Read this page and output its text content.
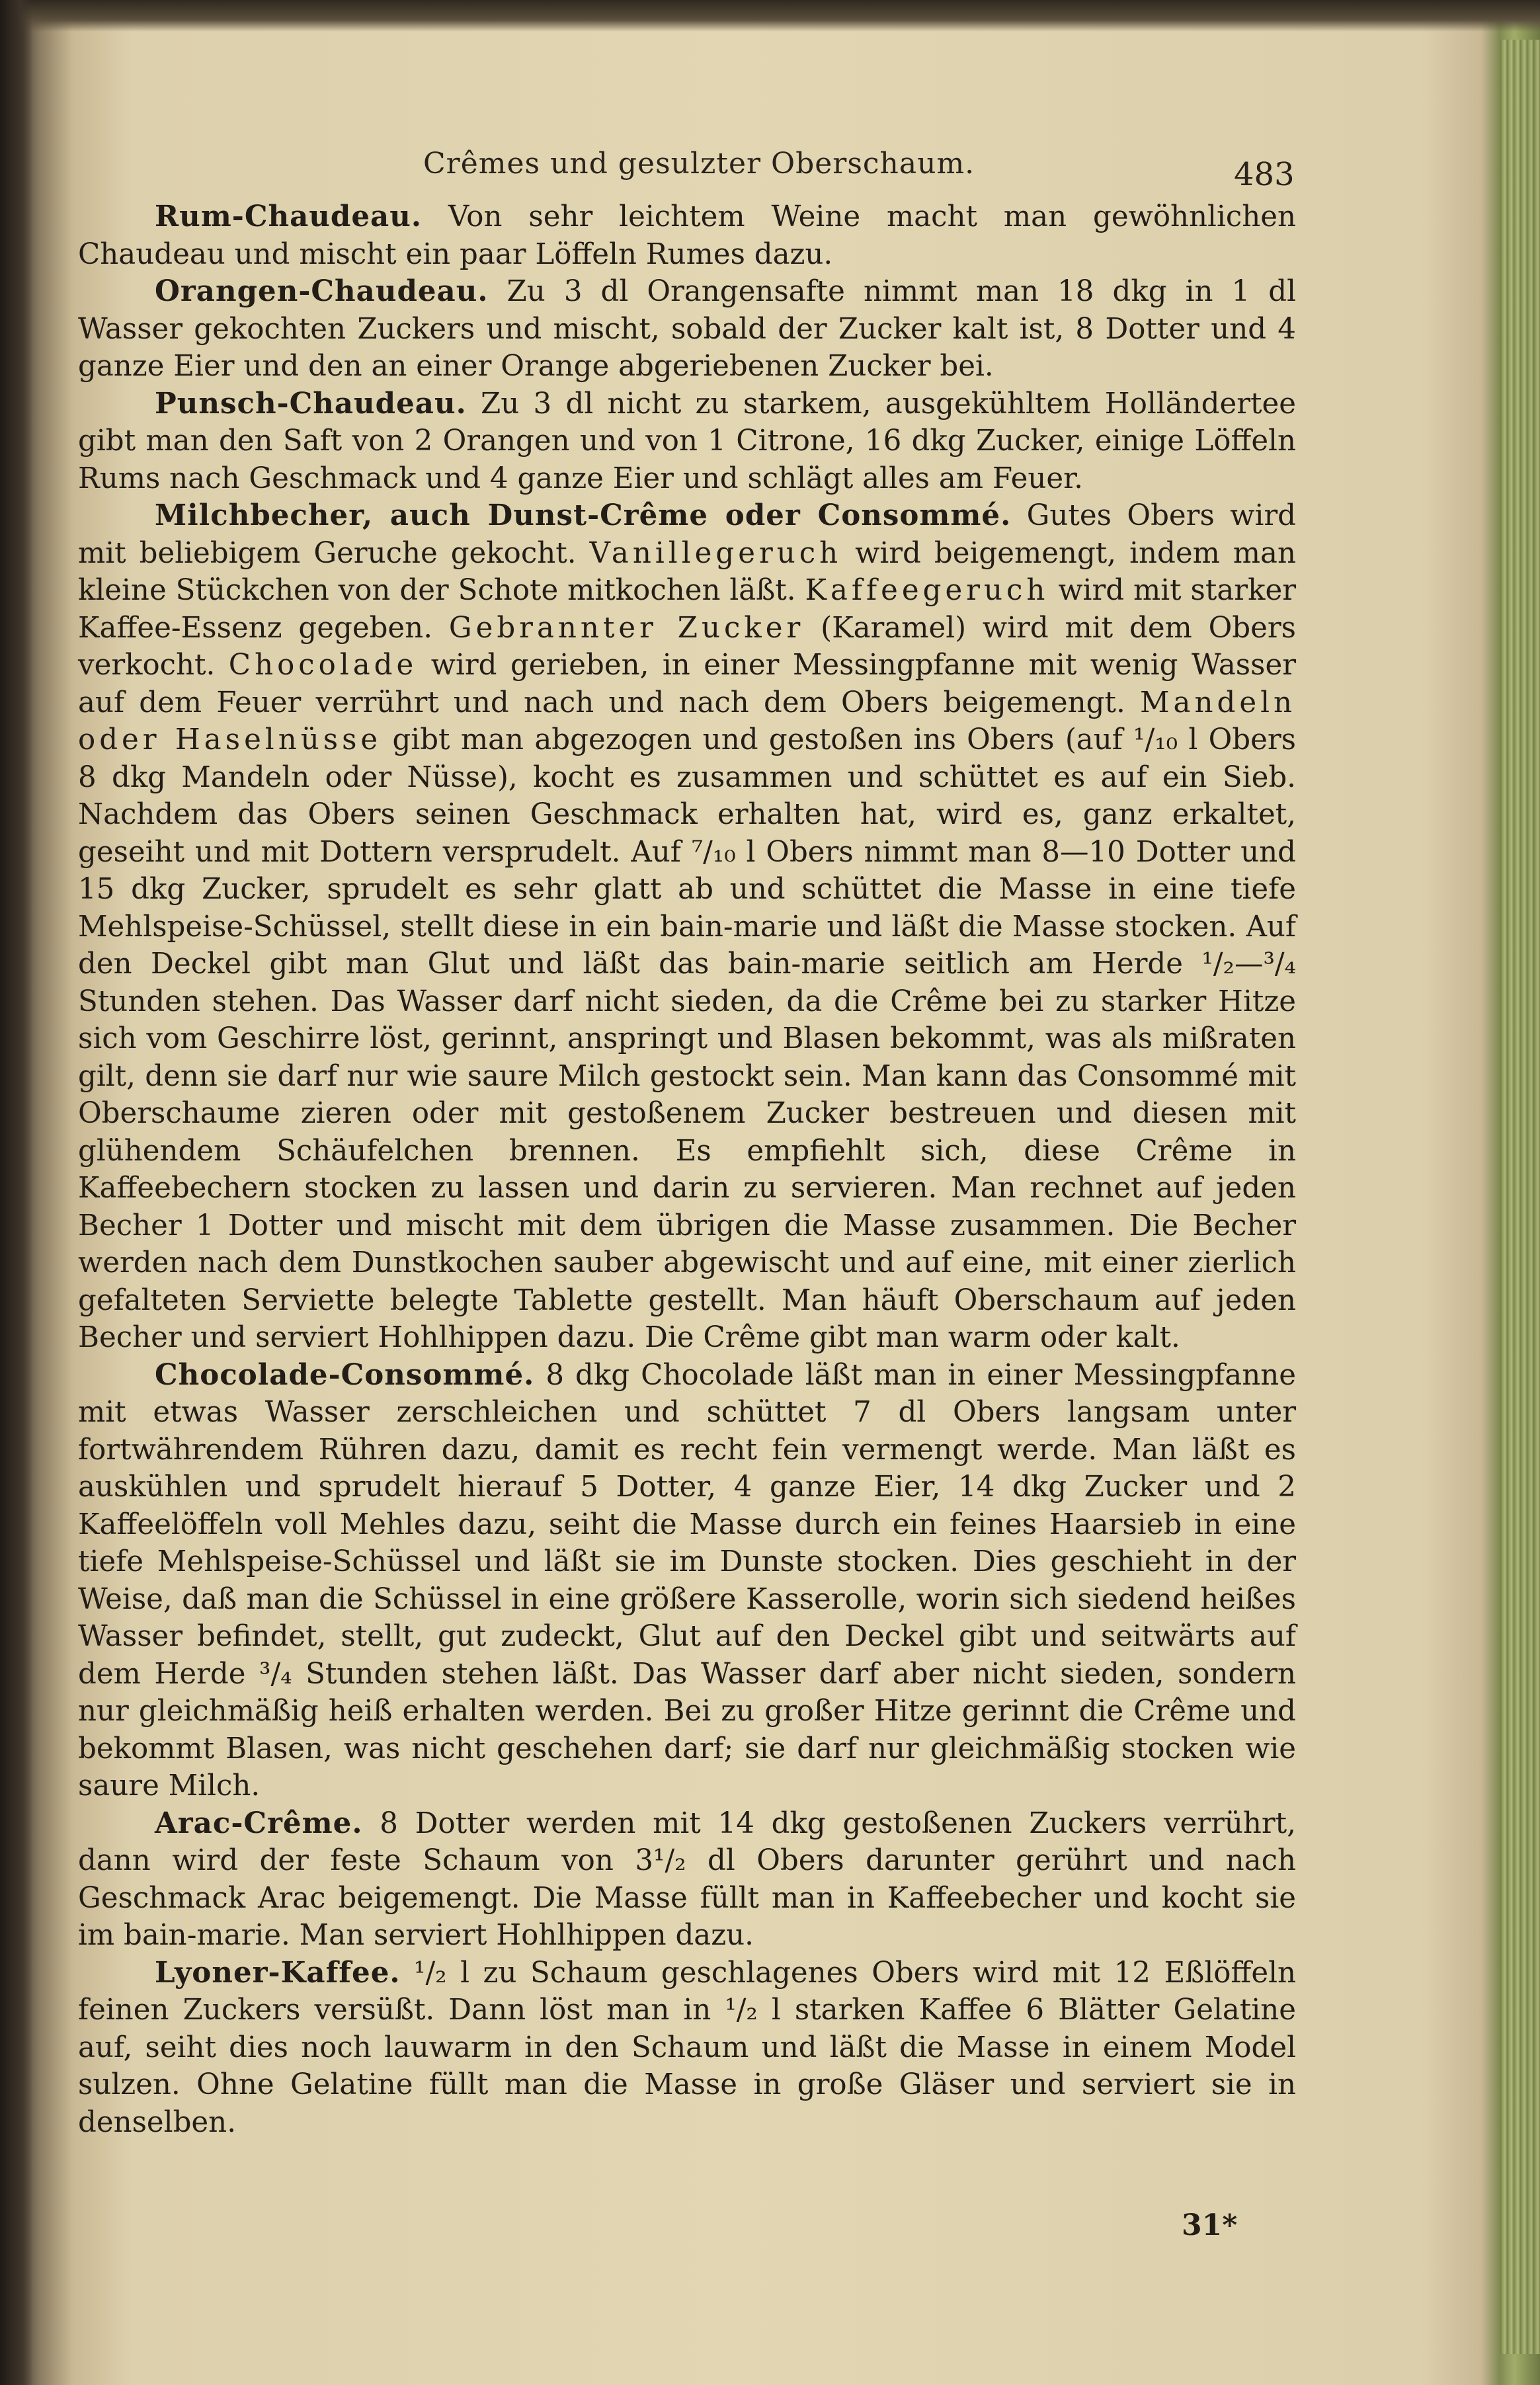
Crêmes und gesulzter Oberschaum.	483

Rum-Chaudeau. Von sehr leichtem Weine macht man gewöhnlichen Chaudeau und mischt ein paar Löffeln Rumes dazu.

Orangen-Chaudeau. Zu 3 dl Orangensafte nimmt man 18 dkg in 1 dl Wasser gekochten Zuckers und mischt, sobald der Zucker kalt ist, 8 Dotter und 4 ganze Eier und den an einer Orange abgeriebenen Zucker bei.

Punsch-Chaudeau. Zu 3 dl nicht zu starkem, ausgekühltem Holländertee gibt man den Saft von 2 Orangen und von 1 Citrone, 16 dkg Zucker, einige Löffeln Rums nach Geschmack und 4 ganze Eier und schlägt alles am Feuer.

Milchbecher, auch Dunst-Crême oder Consommé. Gutes Obers wird mit beliebigem Geruche gekocht. Vanillegeruch wird beigemengt, indem man kleine Stückchen von der Schote mitkochen läßt. Kaffeegeruch wird mit starker Kaffee-Essenz gegeben. Gebrannter Zucker (Karamel) wird mit dem Obers verkocht. Chocolade wird gerieben, in einer Messingpfanne mit wenig Wasser auf dem Feuer verrührt und nach und nach dem Obers beigemengt. Mandeln oder Haselnüsse gibt man abgezogen und gestoßen ins Obers (auf ¹/₁₀ l Obers 8 dkg Mandeln oder Nüsse), kocht es zusammen und schüttet es auf ein Sieb. Nachdem das Obers seinen Geschmack erhalten hat, wird es, ganz erkaltet, geseiht und mit Dottern versprudelt. Auf ⁷/₁₀ l Obers nimmt man 8—10 Dotter und 15 dkg Zucker, sprudelt es sehr glatt ab und schüttet die Masse in eine tiefe Mehlspeise-Schüssel, stellt diese in ein bain-marie und läßt die Masse stocken. Auf den Deckel gibt man Glut und läßt das bain-marie seitlich am Herde ¹/₂—³/₄ Stunden stehen. Das Wasser darf nicht sieden, da die Crême bei zu starker Hitze sich vom Geschirre löst, gerinnt, anspringt und Blasen bekommt, was als mißraten gilt, denn sie darf nur wie saure Milch gestockt sein. Man kann das Consommé mit Oberschaume zieren oder mit gestoßenem Zucker bestreuen und diesen mit glühendem Schäufelchen brennen. Es empfiehlt sich, diese Crême in Kaffeebechern stocken zu lassen und darin zu servieren. Man rechnet auf jeden Becher 1 Dotter und mischt mit dem übrigen die Masse zusammen. Die Becher werden nach dem Dunstkochen sauber abgewischt und auf eine, mit einer zierlich gefalteten Serviette belegte Tablette gestellt. Man häuft Oberschaum auf jeden Becher und serviert Hohlhippen dazu. Die Crême gibt man warm oder kalt.

Chocolade-Consommé. 8 dkg Chocolade läßt man in einer Messingpfanne mit etwas Wasser zerschleichen und schüttet 7 dl Obers langsam unter fortwährendem Rühren dazu, damit es recht fein vermengt werde. Man läßt es auskühlen und sprudelt hierauf 5 Dotter, 4 ganze Eier, 14 dkg Zucker und 2 Kaffeelöffeln voll Mehles dazu, seiht die Masse durch ein feines Haarsieb in eine tiefe Mehlspeise-Schüssel und läßt sie im Dunste stocken. Dies geschieht in der Weise, daß man die Schüssel in eine größere Kasserolle, worin sich siedend heißes Wasser befindet, stellt, gut zudeckt, Glut auf den Deckel gibt und seitwärts auf dem Herde ³/₄ Stunden stehen läßt. Das Wasser darf aber nicht sieden, sondern nur gleichmäßig heiß erhalten werden. Bei zu großer Hitze gerinnt die Crême und bekommt Blasen, was nicht geschehen darf; sie darf nur gleichmäßig stocken wie saure Milch.

Arac-Crême. 8 Dotter werden mit 14 dkg gestoßenen Zuckers verrührt, dann wird der feste Schaum von 3¹/₂ dl Obers darunter gerührt und nach Geschmack Arac beigemengt. Die Masse füllt man in Kaffeebecher und kocht sie im bain-marie. Man serviert Hohlhippen dazu.

Lyoner-Kaffee. ¹/₂ l zu Schaum geschlagenes Obers wird mit 12 Eßlöffeln feinen Zuckers versüßt. Dann löst man in ¹/₂ l starken Kaffee 6 Blätter Gelatine auf, seiht dies noch lauwarm in den Schaum und läßt die Masse in einem Model sulzen. Ohne Gelatine füllt man die Masse in große Gläser und serviert sie in denselben.

31*
